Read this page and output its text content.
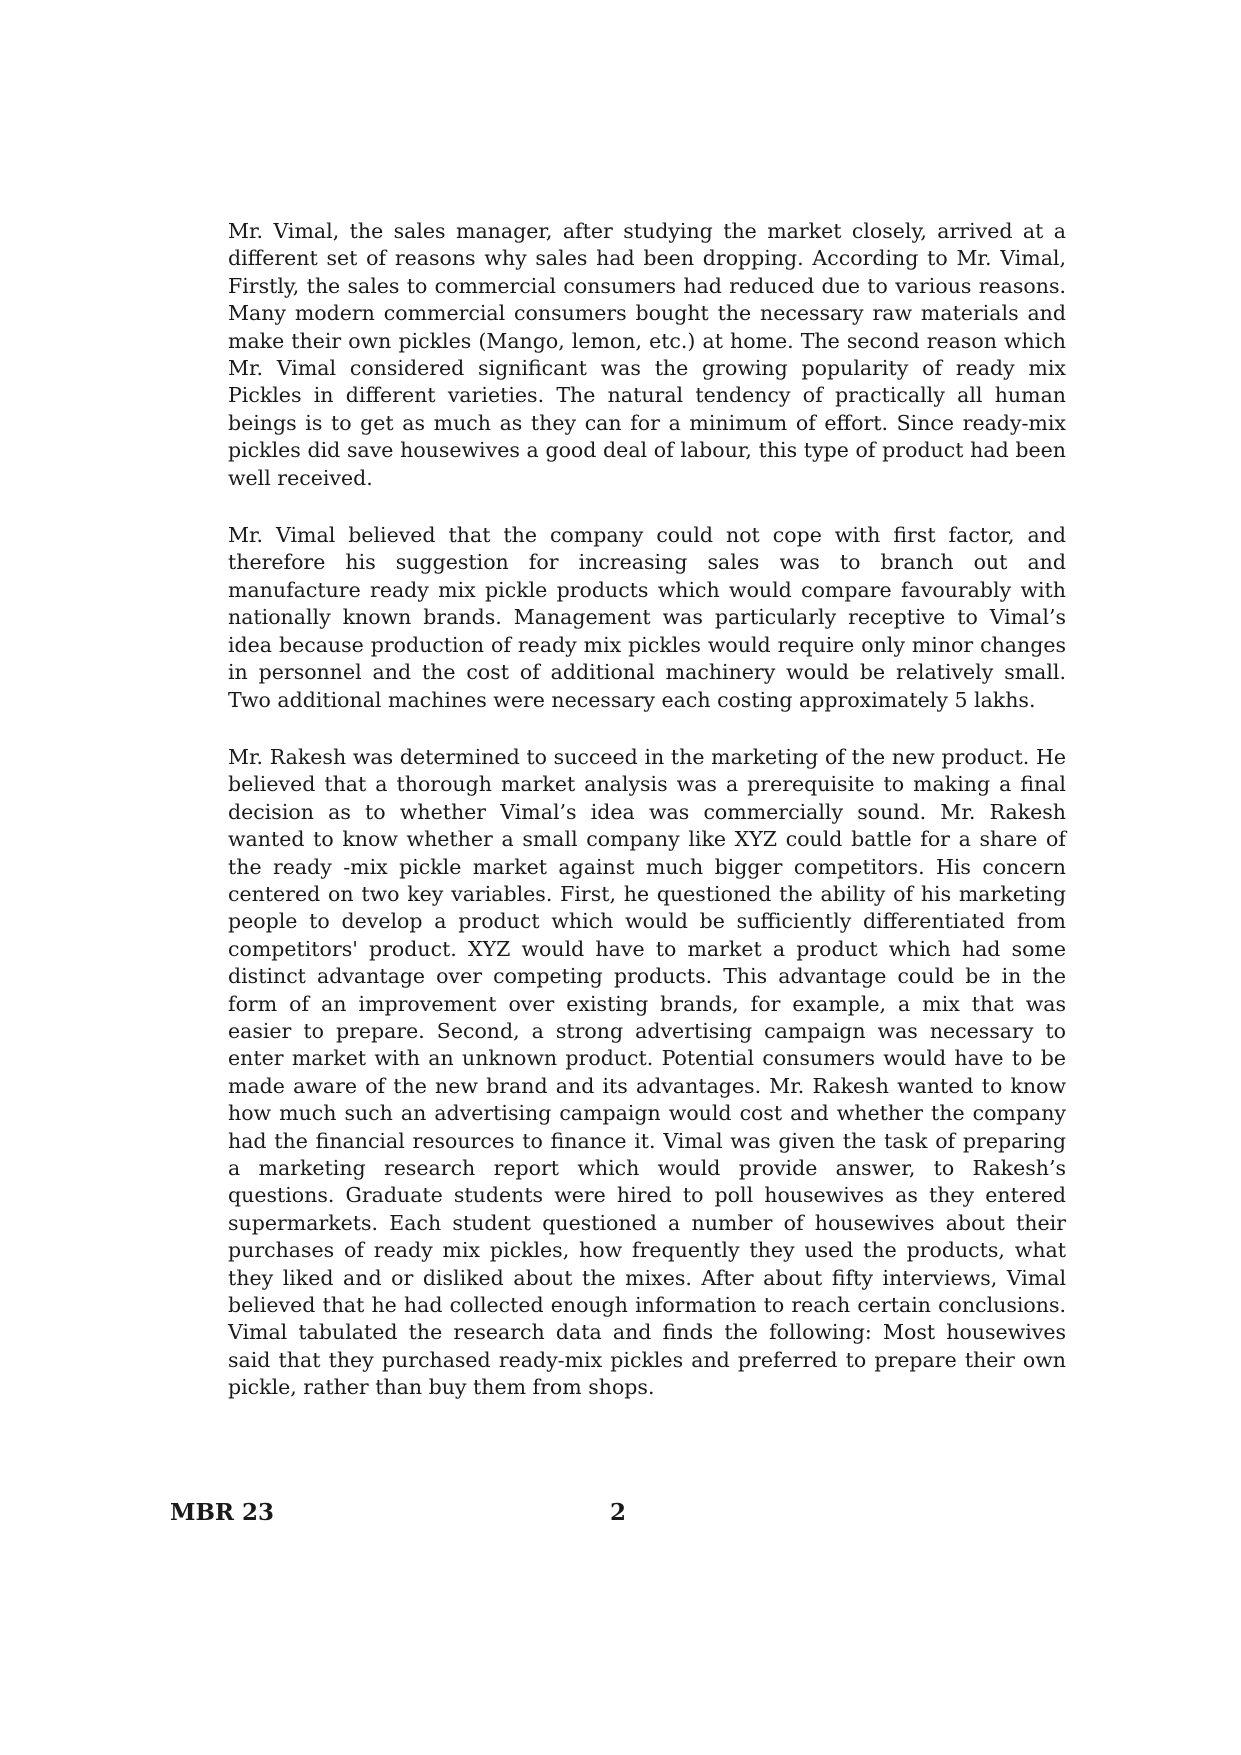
Mr. Vimal, the sales manager, after studying the market closely, arrived at a different set of reasons why sales had been dropping. According to Mr. Vimal, Firstly, the sales to commercial consumers had reduced due to various reasons. Many modern commercial consumers bought the necessary raw materials and make their own pickles (Mango, lemon, etc.) at home. The second reason which Mr. Vimal considered significant was the growing popularity of ready mix Pickles in different varieties. The natural tendency of practically all human beings is to get as much as they can for a minimum of effort. Since ready-mix pickles did save housewives a good deal of labour, this type of product had been well received.

Mr. Vimal believed that the company could not cope with first factor, and therefore his suggestion for increasing sales was to branch out and manufacture ready mix pickle products which would compare favourably with nationally known brands. Management was particularly receptive to Vimal’s idea because production of ready mix pickles would require only minor changes in personnel and the cost of additional machinery would be relatively small. Two additional machines were necessary each costing approximately 5 lakhs.

Mr. Rakesh was determined to succeed in the marketing of the new product. He believed that a thorough market analysis was a prerequisite to making a final decision as to whether Vimal’s idea was commercially sound. Mr. Rakesh wanted to know whether a small company like XYZ could battle for a share of the ready -mix pickle market against much bigger competitors. His concern centered on two key variables. First, he questioned the ability of his marketing people to develop a product which would be sufficiently differentiated from competitors' product. XYZ would have to market a product which had some distinct advantage over competing products. This advantage could be in the form of an improvement over existing brands, for example, a mix that was easier to prepare. Second, a strong advertising campaign was necessary to enter market with an unknown product. Potential consumers would have to be made aware of the new brand and its advantages. Mr. Rakesh wanted to know how much such an advertising campaign would cost and whether the company had the financial resources to finance it. Vimal was given the task of preparing a marketing research report which would provide answer, to Rakesh’s questions. Graduate students were hired to poll housewives as they entered supermarkets. Each student questioned a number of housewives about their purchases of ready mix pickles, how frequently they used the products, what they liked and or disliked about the mixes. After about fifty interviews, Vimal believed that he had collected enough information to reach certain conclusions. Vimal tabulated the research data and finds the following: Most housewives said that they purchased ready-mix pickles and preferred to prepare their own pickle, rather than buy them from shops.

MBR 23	2
